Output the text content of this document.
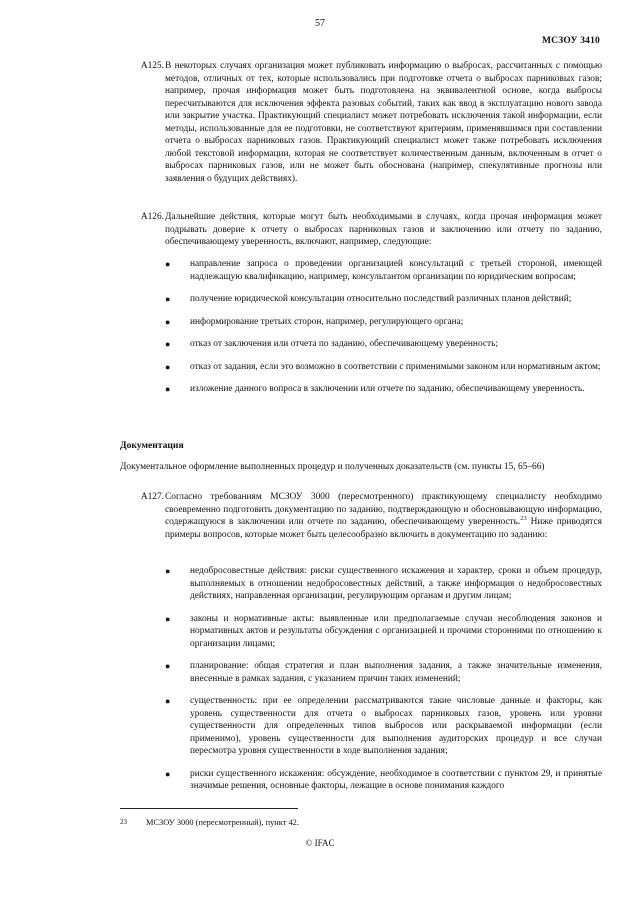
57
МСЗОУ 3410
A125. В некоторых случаях организация может публиковать информацию о выбросах, рассчитанных с помощью методов, отличных от тех, которые использовались при подготовке отчета о выбросах парниковых газов; например, прочая информация может быть подготовлена на эквивалентной основе, когда выбросы пересчитываются для исключения эффекта разовых событий, таких как ввод в эксплуатацию нового завода или закрытие участка. Практикующий специалист может потребовать исключения такой информации, если методы, использованные для ее подготовки, не соответствуют критериям, применявшимся при составлении отчета о выбросах парниковых газов. Практикующий специалист может также потребовать исключения любой текстовой информации, которая не соответствует количественным данным, включенным в отчет о выбросах парниковых газов, или не может быть обоснована (например, спекулятивные прогнозы или заявления о будущих действиях).
A126. Дальнейшие действия, которые могут быть необходимыми в случаях, когда прочая информация может подрывать доверие к отчету о выбросах парниковых газов и заключению или отчету по заданию, обеспечивающему уверенность, включают, например, следующие:
● направление запроса о проведении организацией консультаций с третьей стороной, имеющей надлежащую квалификацию, например, консультантом организации по юридическим вопросам;
● получение юридической консультации относительно последствий различных планов действий;
● информирование третьих сторон, например, регулирующего органа;
● отказ от заключения или отчета по заданию, обеспечивающему уверенность;
● отказ от задания, если это возможно в соответствии с применимыми законом или нормативным актом;
● изложение данного вопроса в заключении или отчете по заданию, обеспечивающему уверенность.
Документация
Документальное оформление выполненных процедур и полученных доказательств (см. пункты 15, 65–66)
A127. Согласно требованиям МСЗОУ 3000 (пересмотренного) практикующему специалисту необходимо своевременно подготовить документацию по заданию, подтверждающую и обосновывающую информацию, содержащуюся в заключении или отчете по заданию, обеспечивающему уверенность.$^{23}$ Ниже приводятся примеры вопросов, которые может быть целесообразно включить в документацию по заданию:
● недобросовестные действия: риски существенного искажения и характер, сроки и объем процедур, выполняемых в отношении недобросовестных действий, а также информация о недобросовестных действиях, направленная организации, регулирующим органам и другим лицам;
● законы и нормативные акты: выявленные или предполагаемые случаи несоблюдения законов и нормативных актов и результаты обсуждения с организацией и прочими сторонними по отношению к организации лицами;
● планирование: общая стратегия и план выполнения задания, а также значительные изменения, внесенные в рамках задания, с указанием причин таких изменений;
● существенность: при ее определении рассматриваются такие числовые данные и факторы, как уровень существенности для отчета о выбросах парниковых газов, уровень или уровни существенности для определенных типов выбросов или раскрываемой информации (если применимо), уровень существенности для выполнения аудиторских процедур и все случаи пересмотра уровня существенности в ходе выполнения задания;
● риски существенного искажения: обсуждение, необходимое в соответствии с пунктом 29, и принятые значимые решения, основные факторы, лежащие в основе понимания каждого
23 МСЗОУ 3000 (пересмотренный), пункт 42.
© IFAC
